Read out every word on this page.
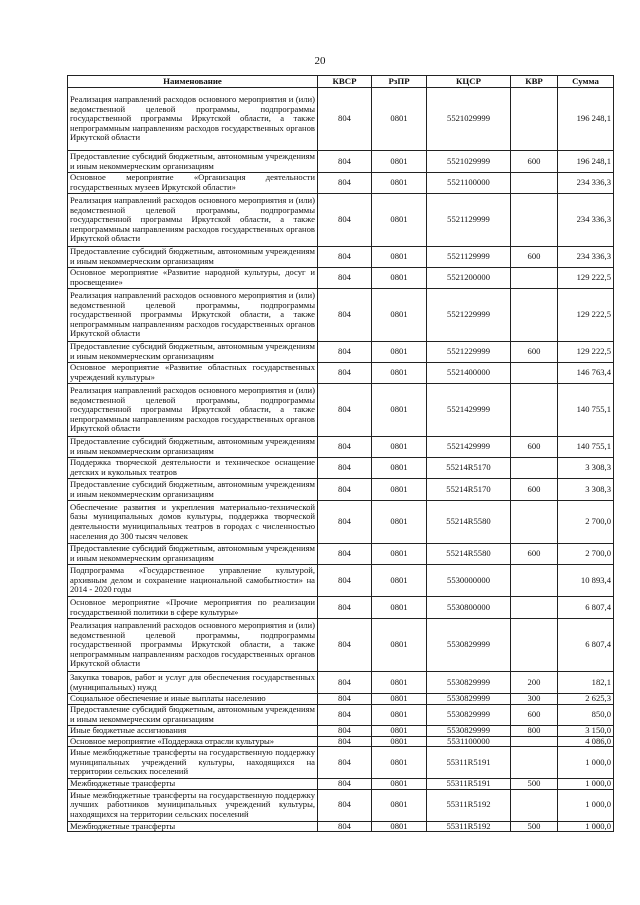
20
Наименование	КВСР	РзПР	КЦСР	КВР	Сумма
Реализация направлений расходов основного мероприятия и (или) ведомственной целевой программы, подпрограммы государственной программы Иркутской области, а также непрограммным направлениям расходов государственных органов Иркутской области	804	0801	5521029999		196 248,1
Предоставление субсидий бюджетным, автономным учреждениям и иным некоммерческим организациям	804	0801	5521029999	600	196 248,1
Основное мероприятие «Организация деятельности государственных музеев Иркутской области»	804	0801	5521100000		234 336,3
Реализация направлений расходов основного мероприятия и (или) ведомственной целевой программы, подпрограммы государственной программы Иркутской области, а также непрограммным направлениям расходов государственных органов Иркутской области	804	0801	5521129999		234 336,3
Предоставление субсидий бюджетным, автономным учреждениям и иным некоммерческим организациям	804	0801	5521129999	600	234 336,3
Основное мероприятие «Развитие народной культуры, досуг и просвещение»	804	0801	5521200000		129 222,5
Реализация направлений расходов основного мероприятия и (или) ведомственной целевой программы, подпрограммы государственной программы Иркутской области, а также непрограммным направлениям расходов государственных органов Иркутской области	804	0801	5521229999		129 222,5
Предоставление субсидий бюджетным, автономным учреждениям и иным некоммерческим организациям	804	0801	5521229999	600	129 222,5
Основное мероприятие «Развитие областных государственных учреждений культуры»	804	0801	5521400000		146 763,4
Реализация направлений расходов основного мероприятия и (или) ведомственной целевой программы, подпрограммы государственной программы Иркутской области, а также непрограммным направлениям расходов государственных органов Иркутской области	804	0801	5521429999		140 755,1
Предоставление субсидий бюджетным, автономным учреждениям и иным некоммерческим организациям	804	0801	5521429999	600	140 755,1
Поддержка творческой деятельности и техническое оснащение детских и кукольных театров	804	0801	55214R5170		3 308,3
Предоставление субсидий бюджетным, автономным учреждениям и иным некоммерческим организациям	804	0801	55214R5170	600	3 308,3
Обеспечение развития и укрепления материально-технической базы муниципальных домов культуры, поддержка творческой деятельности муниципальных театров в городах с численностью населения до 300 тысяч человек	804	0801	55214R5580		2 700,0
Предоставление субсидий бюджетным, автономным учреждениям и иным некоммерческим организациям	804	0801	55214R5580	600	2 700,0
Подпрограмма «Государственное управление культурой, архивным делом и сохранение национальной самобытности» на 2014 - 2020 годы	804	0801	5530000000		10 893,4
Основное мероприятие «Прочие мероприятия по реализации государственной политики в сфере культуры»	804	0801	5530800000		6 807,4
Реализация направлений расходов основного мероприятия и (или) ведомственной целевой программы, подпрограммы государственной программы Иркутской области, а также непрограммным направлениям расходов государственных органов Иркутской области	804	0801	5530829999		6 807,4
Закупка товаров, работ и услуг для обеспечения государственных (муниципальных) нужд	804	0801	5530829999	200	182,1
Социальное обеспечение и иные выплаты населению	804	0801	5530829999	300	2 625,3
Предоставление субсидий бюджетным, автономным учреждениям и иным некоммерческим организациям	804	0801	5530829999	600	850,0
Иные бюджетные ассигнования	804	0801	5530829999	800	3 150,0
Основное мероприятие «Поддержка отрасли культуры»	804	0801	5531100000		4 086,0
Иные межбюджетные трансферты на государственную поддержку муниципальных учреждений культуры, находящихся на территории сельских поселений	804	0801	55311R5191		1 000,0
Межбюджетные трансферты	804	0801	55311R5191	500	1 000,0
Иные межбюджетные трансферты на государственную поддержку лучших работников муниципальных учреждений культуры, находящихся на территории сельских поселений	804	0801	55311R5192		1 000,0
Межбюджетные трансферты	804	0801	55311R5192	500	1 000,0
